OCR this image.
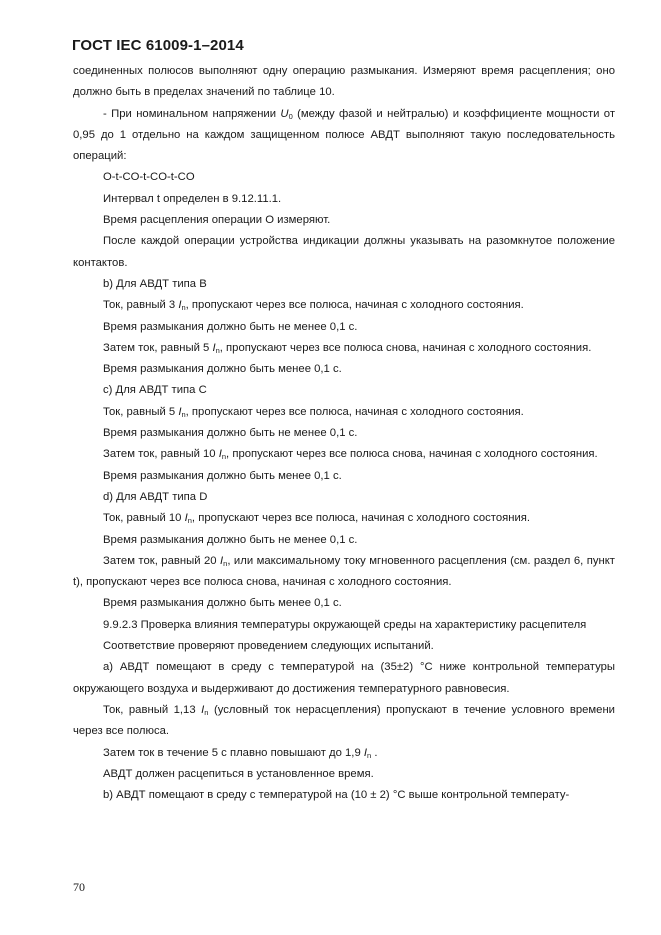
ГОСТ IEC 61009-1–2014

соединенных полюсов выполняют одну операцию размыкания. Измеряют время расцепления; оно должно быть в пределах значений по таблице 10.

- При номинальном напряжении $U_0$ (между фазой и нейтралью) и коэффициенте мощности от 0,95 до 1 отдельно на каждом защищенном полюсе АВДТ выполняют такую последовательность операций:

O-t-CO-t-CO-t-CO

Интервал t определен в 9.12.11.1.

Время расцепления операции О измеряют.

После каждой операции устройства индикации должны указывать на разомкнутое положение контактов.

b) Для АВДТ типа B

Ток, равный 3 $I_n$, пропускают через все полюса, начиная с холодного состояния.

Время размыкания должно быть не менее 0,1 с.

Затем ток, равный 5 $I_n$, пропускают через все полюса снова, начиная с холодного состояния.

Время размыкания должно быть менее 0,1 с.

c) Для АВДТ типа С

Ток, равный 5 $I_n$, пропускают через все полюса, начиная с холодного состояния.

Время размыкания должно быть не менее 0,1 с.

Затем ток, равный 10 $I_n$, пропускают через все полюса снова, начиная с холодного состояния.

Время размыкания должно быть менее 0,1 с.

d) Для АВДТ типа D

Ток, равный 10 $I_n$, пропускают через все полюса, начиная с холодного состояния.

Время размыкания должно быть не менее 0,1 с.

Затем ток, равный 20 $I_n$, или максимальному току мгновенного расцепления (см. раздел 6, пункт t), пропускают через все полюса снова, начиная с холодного состояния.

Время размыкания должно быть менее 0,1 с.

9.9.2.3 Проверка влияния температуры окружающей среды на характеристику расцепителя

Соответствие проверяют проведением следующих испытаний.

a) АВДТ помещают в среду с температурой на (35±2) °С ниже контрольной температуры окружающего воздуха и выдерживают до достижения температурного равновесия.

Ток, равный 1,13 $I_n$ (условный ток нерасцепления) пропускают в течение условного времени через все полюса.

Затем ток в течение 5 с плавно повышают до 1,9 $I_n$ .

АВДТ должен расцепиться в установленное время.

b) АВДТ помещают в среду с температурой на (10 ± 2) °С выше контрольной температу-

70
